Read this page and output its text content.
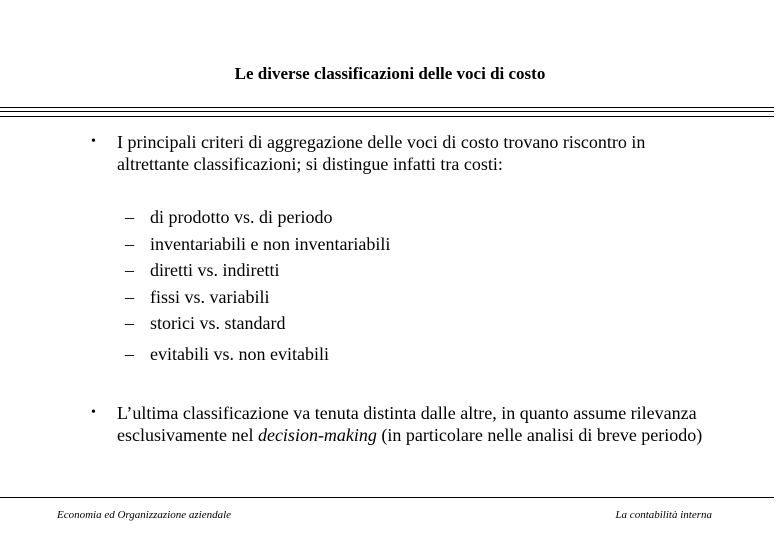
Le diverse classificazioni delle voci di costo
• I principali criteri di aggregazione delle voci di costo trovano riscontro in altrettante classificazioni; si distingue infatti tra costi:
– di prodotto vs. di periodo
– inventariabili e non inventariabili
– diretti vs. indiretti
– fissi vs. variabili
– storici vs. standard
– evitabili vs. non evitabili
• L’ultima classificazione va tenuta distinta dalle altre, in quanto assume rilevanza esclusivamente nel decision-making (in particolare nelle analisi di breve periodo)
Economia ed Organizzazione aziendale	La contabilità interna
